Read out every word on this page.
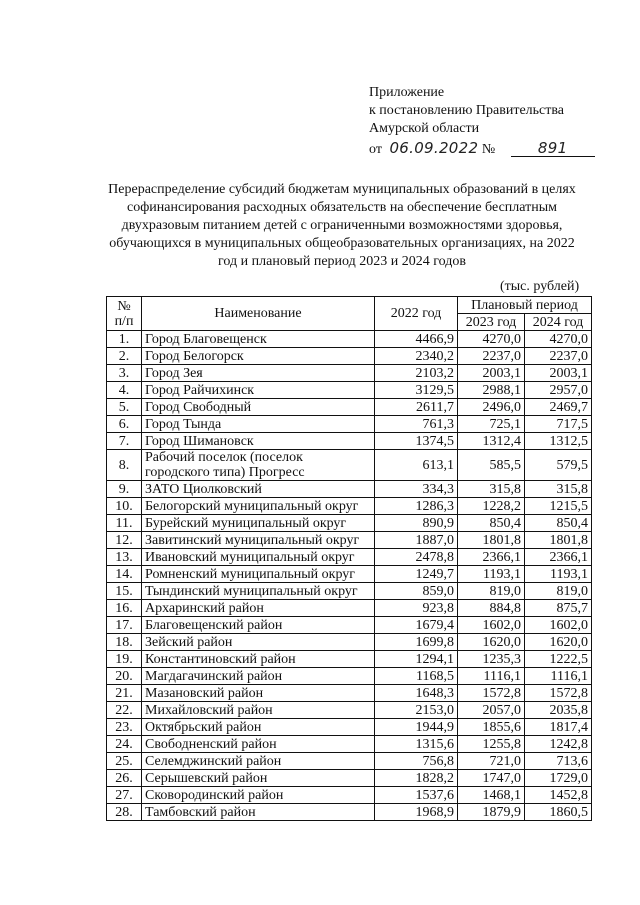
Приложение
к постановлению Правительства
Амурской области
от 06.09.2022 №	891
Перераспределение субсидий бюджетам муниципальных образований в целях софинансирования расходных обязательств на обеспечение бесплатным двухразовым питанием детей с ограниченными возможностями здоровья, обучающихся в муниципальных общеобразовательных организациях, на 2022 год и плановый период 2023 и 2024 годов
(тыс. рублей)
№ п/п	Наименование	2022 год	Плановый период	
			2023 год	2024 год
1.	Город Благовещенск	4466,9	4270,0	4270,0
2.	Город Белогорск	2340,2	2237,0	2237,0
3.	Город Зея	2103,2	2003,1	2003,1
4.	Город Райчихинск	3129,5	2988,1	2957,0
5.	Город Свободный	2611,7	2496,0	2469,7
6.	Город Тында	761,3	725,1	717,5
7.	Город Шимановск	1374,5	1312,4	1312,5
8.	Рабочий поселок (поселок городского типа) Прогресс	613,1	585,5	579,5
9.	ЗАТО Циолковский	334,3	315,8	315,8
10.	Белогорский муниципальный округ	1286,3	1228,2	1215,5
11.	Бурейский муниципальный округ	890,9	850,4	850,4
12.	Завитинский муниципальный округ	1887,0	1801,8	1801,8
13.	Ивановский муниципальный округ	2478,8	2366,1	2366,1
14.	Ромненский муниципальный округ	1249,7	1193,1	1193,1
15.	Тындинский муниципальный округ	859,0	819,0	819,0
16.	Архаринский район	923,8	884,8	875,7
17.	Благовещенский район	1679,4	1602,0	1602,0
18.	Зейский район	1699,8	1620,0	1620,0
19.	Константиновский район	1294,1	1235,3	1222,5
20.	Магдагачинский район	1168,5	1116,1	1116,1
21.	Мазановский район	1648,3	1572,8	1572,8
22.	Михайловский район	2153,0	2057,0	2035,8
23.	Октябрьский район	1944,9	1855,6	1817,4
24.	Свободненский район	1315,6	1255,8	1242,8
25.	Селемджинский район	756,8	721,0	713,6
26.	Серышевский район	1828,2	1747,0	1729,0
27.	Сковородинский район	1537,6	1468,1	1452,8
28.	Тамбовский район	1968,9	1879,9	1860,5
